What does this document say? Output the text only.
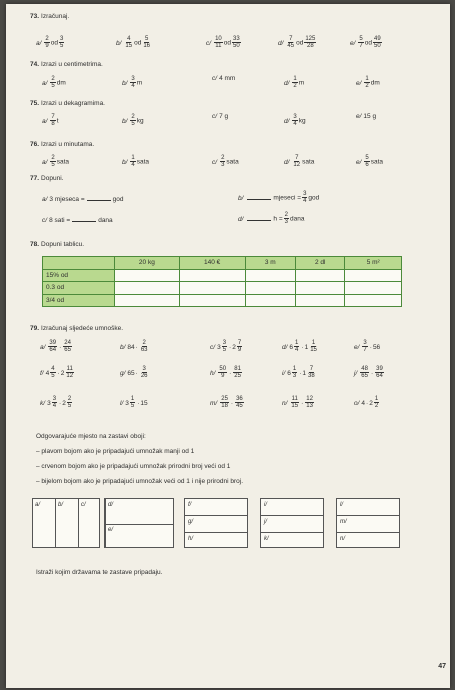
73. Izračunaj.
74. Izrazi u centimetrima.
75. Izrazi u dekagramima.
76. Izrazi u minutama.
77. Dopuni.
a/ 3 mjeseca =	god	b/	$mjeseci = \frac{3}{4}$ god
c/ 8 sati =	dana	d/	$h = \frac{2}{3}$ dana
78. Dopuni tablicu.
	20 kg	140 €	3 m	2 dl	5 m²
15% od					
0.3 od					
3/4 od					
79. Izračunaj sljedeće umnoške.
Odgovarajuće mjesto na zastavi oboji:
– plavom bojom ako je pripadajući umnožak manji od 1
– crvenom bojom ako je pripadajući umnožak prirodni broj veći od 1
– bijelom bojom ako je pripadajući umnožak veći od 1 i nije prirodni broj.
a/	b/	c/	d/
e/
f/
g/
h/
i/
j/
k/
l/
m/
n/
Istraži kojim državama te zastave pripadaju.
47
$a/ \frac{2}{9}$ od $\frac{3}{5}$	$b/ \frac{4}{15}$ od $\frac{5}{16}$	$c/ \frac{10}{11}$ od $\frac{33}{50}$	$d/ \frac{7}{45}$ od $\frac{125}{28}$	$e/ \frac{5}{7}$ od $\frac{49}{50}$
$a/ \frac{2}{5}$ dm	$b/ \frac{3}{4}$ m
c/ 4 mm
$d/ \frac{1}{2}$ m	$e/ \frac{1}{2}$ dm
$a/ \frac{7}{8}$ t	$b/ \frac{2}{5}$ kg
c/ 7 g
$d/ \frac{3}{4}$ kg
e/ 15 g
$a/ \frac{2}{5}$ sata	$b/ \frac{1}{4}$ sata	$c/ \frac{2}{3}$ sata	$d/ \frac{7}{12}$ sata	$e/ \frac{5}{6}$ sata
$a/ \frac{39}{64} \cdot \frac{24}{65}$	b/ $84\cdot \frac{2}{63}$	c/ $3 \frac{3}{5} \cdot 2 \frac{7}{9}$	d/ $6 \frac{1}{4} \cdot 1 \frac{1}{15}$	$e/ \frac{3}{7} \cdot 56$
f/ $4 \frac{4}{5} \cdot 2 \frac{11}{12}$	g/ $65\cdot \frac{3}{26}$	$h/ \frac{50}{9} \cdot \frac{81}{25}$	i/ $6 \frac{1}{3} \cdot 1 \frac{7}{38}$	$j/ \frac{48}{65} \cdot \frac{39}{64}$
k/ $3 \frac{3}{4} \cdot 2 \frac{2}{5}$	l/ $3 \frac{1}{5} \cdot 15$	$m/ \frac{25}{18} \cdot \frac{36}{45}$	$n/ \frac{11}{15} \cdot \frac{12}{13}$	o/ $4\cdot 2 \frac{1}{2}$
